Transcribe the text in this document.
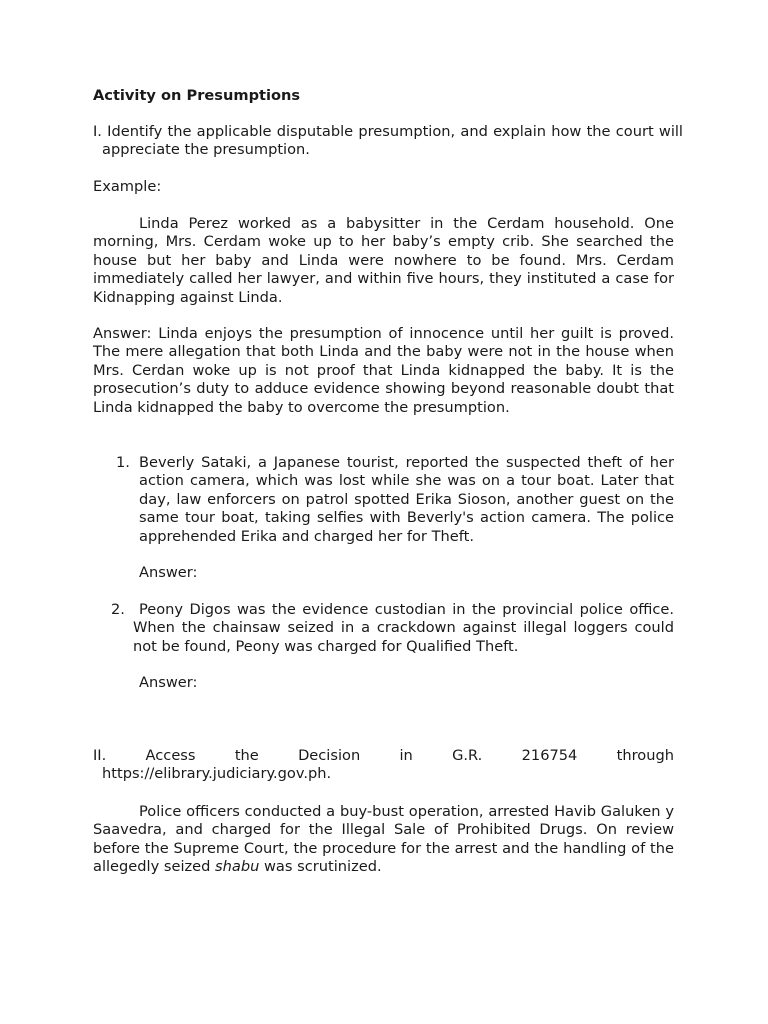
Activity on Presumptions

I. Identify the applicable disputable presumption, and explain how the court will appreciate the presumption.

Example:

Linda Perez worked as a babysitter in the Cerdam household. One morning, Mrs. Cerdam woke up to her baby’s empty crib. She searched the house but her baby and Linda were nowhere to be found. Mrs. Cerdam immediately called her lawyer, and within five hours, they instituted a case for Kidnapping against Linda.

Answer: Linda enjoys the presumption of innocence until her guilt is proved. The mere allegation that both Linda and the baby were not in the house when Mrs. Cerdan woke up is not proof that Linda kidnapped the baby. It is the prosecution’s duty to adduce evidence showing beyond reasonable doubt that Linda kidnapped the baby to overcome the presumption.

1. Beverly Sataki, a Japanese tourist, reported the suspected theft of her action camera, which was lost while she was on a tour boat. Later that day, law enforcers on patrol spotted Erika Sioson, another guest on the same tour boat, taking selfies with Beverly's action camera. The police apprehended Erika and charged her for Theft.

Answer:

2. Peony Digos was the evidence custodian in the provincial police office. When the chainsaw seized in a crackdown against illegal loggers could not be found, Peony was charged for Qualified Theft.

Answer:

II.	Access	the	Decision	in	G.R.	216754	through
https://elibrary.judiciary.gov.ph.

Police officers conducted a buy-bust operation, arrested Havib Galuken y Saavedra, and charged for the Illegal Sale of Prohibited Drugs. On review before the Supreme Court, the procedure for the arrest and the handling of the allegedly seized shabu was scrutinized.
